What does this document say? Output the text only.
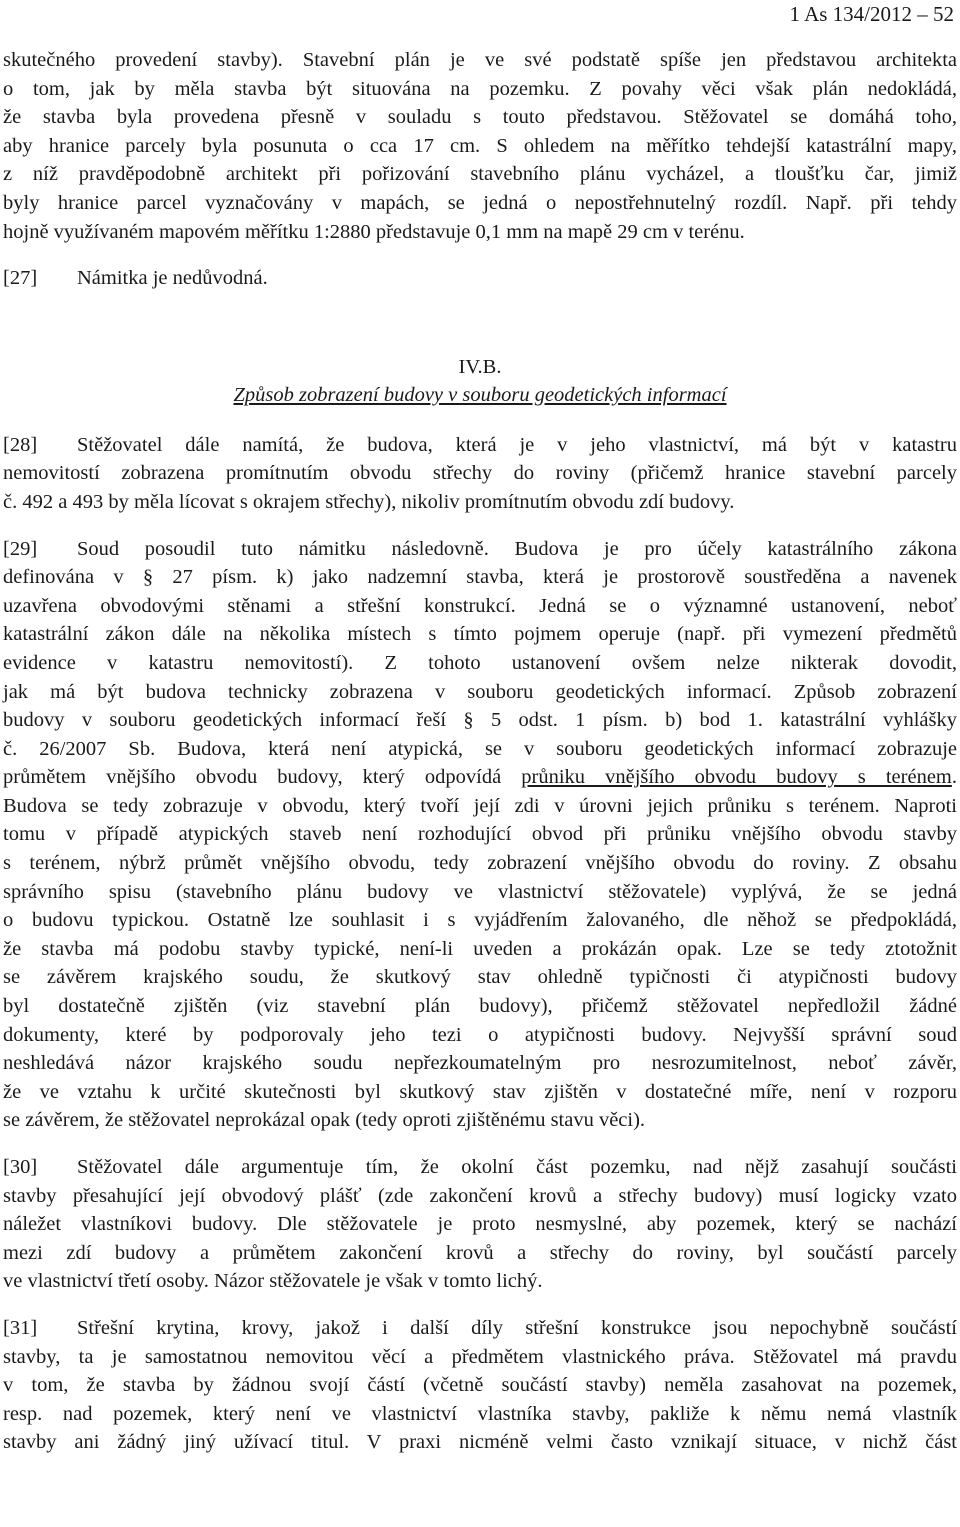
1 As 134/2012 – 52
skutečného provedení stavby). Stavební plán je ve své podstatě spíše jen představou architekta
o tom, jak by měla stavba být situována na pozemku. Z povahy věci však plán nedokládá,
že stavba byla provedena přesně v souladu s touto představou. Stěžovatel se domáhá toho,
aby hranice parcely byla posunuta o cca 17 cm. S ohledem na měřítko tehdejší katastrální mapy,
z níž pravděpodobně architekt při pořizování stavebního plánu vycházel, a tloušťku čar, jimiž
byly hranice parcel vyznačovány v mapách, se jedná o nepostřehnutelný rozdíl. Např. při tehdy
hojně využívaném mapovém měřítku 1:2880 představuje 0,1 mm na mapě 29 cm v terénu.
[27] Námitka je nedůvodná.
IV.B.
Způsob zobrazení budovy v souboru geodetických informací
[28] Stěžovatel dále namítá, že budova, která je v jeho vlastnictví, má být v katastru
nemovitostí zobrazena promítnutím obvodu střechy do roviny (přičemž hranice stavební parcely
č. 492 a 493 by měla lícovat s okrajem střechy), nikoliv promítnutím obvodu zdí budovy.
[29] Soud posoudil tuto námitku následovně. Budova je pro účely katastrálního zákona
definována v § 27 písm. k) jako nadzemní stavba, která je prostorově soustředěna a navenek
uzavřena obvodovými stěnami a střešní konstrukcí. Jedná se o významné ustanovení, neboť
katastrální zákon dále na několika místech s tímto pojmem operuje (např. při vymezení předmětů
evidence v katastru nemovitostí). Z tohoto ustanovení ovšem nelze nikterak dovodit,
jak má být budova technicky zobrazena v souboru geodetických informací. Způsob zobrazení
budovy v souboru geodetických informací řeší § 5 odst. 1 písm. b) bod 1. katastrální vyhlášky
č. 26/2007 Sb. Budova, která není atypická, se v souboru geodetických informací zobrazuje
průmětem vnějšího obvodu budovy, který odpovídá průniku vnějšího obvodu budovy s terénem.
Budova se tedy zobrazuje v obvodu, který tvoří její zdi v úrovni jejich průniku s terénem. Naproti
tomu v případě atypických staveb není rozhodující obvod při průniku vnějšího obvodu stavby
s terénem, nýbrž průmět vnějšího obvodu, tedy zobrazení vnějšího obvodu do roviny. Z obsahu
správního spisu (stavebního plánu budovy ve vlastnictví stěžovatele) vyplývá, že se jedná
o budovu typickou. Ostatně lze souhlasit i s vyjádřením žalovaného, dle něhož se předpokládá,
že stavba má podobu stavby typické, není-li uveden a prokázán opak. Lze se tedy ztotožnit
se závěrem krajského soudu, že skutkový stav ohledně typičnosti či atypičnosti budovy
byl dostatečně zjištěn (viz stavební plán budovy), přičemž stěžovatel nepředložil žádné
dokumenty, které by podporovaly jeho tezi o atypičnosti budovy. Nejvyšší správní soud
neshledává názor krajského soudu nepřezkoumatelným pro nesrozumitelnost, neboť závěr,
že ve vztahu k určité skutečnosti byl skutkový stav zjištěn v dostatečné míře, není v rozporu
se závěrem, že stěžovatel neprokázal opak (tedy oproti zjištěnému stavu věci).
[30] Stěžovatel dále argumentuje tím, že okolní část pozemku, nad nějž zasahují součásti
stavby přesahující její obvodový plášť (zde zakončení krovů a střechy budovy) musí logicky vzato
náležet vlastníkovi budovy. Dle stěžovatele je proto nesmyslné, aby pozemek, který se nachází
mezi zdí budovy a průmětem zakončení krovů a střechy do roviny, byl součástí parcely
ve vlastnictví třetí osoby. Názor stěžovatele je však v tomto lichý.
[31] Střešní krytina, krovy, jakož i další díly střešní konstrukce jsou nepochybně součástí
stavby, ta je samostatnou nemovitou věcí a předmětem vlastnického práva. Stěžovatel má pravdu
v tom, že stavba by žádnou svojí částí (včetně součástí stavby) neměla zasahovat na pozemek,
resp. nad pozemek, který není ve vlastnictví vlastníka stavby, pakliže k němu nemá vlastník
stavby ani žádný jiný užívací titul. V praxi nicméně velmi často vznikají situace, v nichž část
